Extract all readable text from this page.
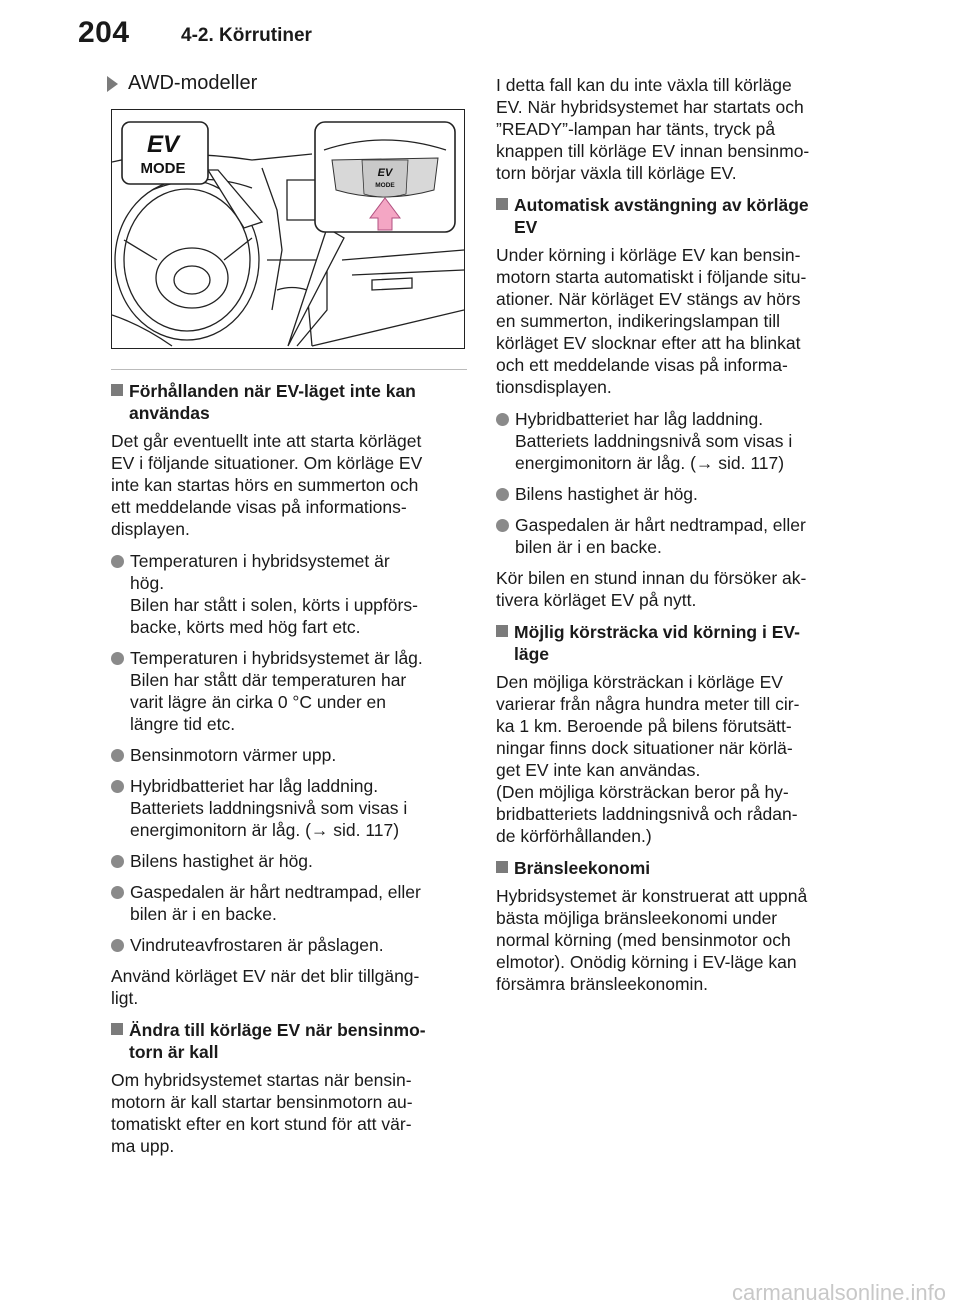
204	4-2. Körrutiner
AWD-modeller
EV
MODE	EV
MODE
Förhållanden när EV-läget inte kan
användas
Det går eventuellt inte att starta körläget
EV i följande situationer. Om körläge EV
inte kan startas hörs en summerton och
ett meddelande visas på informations-
displayen.
Temperaturen i hybridsystemet är
hög.
Bilen har stått i solen, körts i uppförs-
backe, körts med hög fart etc.
Temperaturen i hybridsystemet är låg.
Bilen har stått där temperaturen har
varit lägre än cirka 0 °C under en
längre tid etc.
Bensinmotorn värmer upp.
Hybridbatteriet har låg laddning.
Batteriets laddningsnivå som visas i
energimonitorn är låg. (→ sid. 117)
Bilens hastighet är hög.
Gaspedalen är hårt nedtrampad, eller
bilen är i en backe.
Vindruteavfrostaren är påslagen.
Använd körläget EV när det blir tillgäng-
ligt.
Ändra till körläge EV när bensinmo-
torn är kall
Om hybridsystemet startas när bensin-
motorn är kall startar bensinmotorn au-
tomatiskt efter en kort stund för att vär-
ma upp.
I detta fall kan du inte växla till körläge
EV. När hybridsystemet har startats och
”READY”-lampan har tänts, tryck på
knappen till körläge EV innan bensinmo-
torn börjar växla till körläge EV.
Automatisk avstängning av körläge
EV
Under körning i körläge EV kan bensin-
motorn starta automatiskt i följande situ-
ationer. När körläget EV stängs av hörs
en summerton, indikeringslampan till
körläget EV slocknar efter att ha blinkat
och ett meddelande visas på informa-
tionsdisplayen.
Hybridbatteriet har låg laddning.
Batteriets laddningsnivå som visas i
energimonitorn är låg. (→ sid. 117)
Bilens hastighet är hög.
Gaspedalen är hårt nedtrampad, eller
bilen är i en backe.
Kör bilen en stund innan du försöker ak-
tivera körläget EV på nytt.
Möjlig körsträcka vid körning i EV-
läge
Den möjliga körsträckan i körläge EV
varierar från några hundra meter till cir-
ka 1 km. Beroende på bilens förutsätt-
ningar finns dock situationer när körlä-
get EV inte kan användas.
(Den möjliga körsträckan beror på hy-
bridbatteriets laddningsnivå och rådan-
de körförhållanden.)
Bränsleekonomi
Hybridsystemet är konstruerat att uppnå
bästa möjliga bränsleekonomi under
normal körning (med bensinmotor och
elmotor). Onödig körning i EV-läge kan
försämra bränsleekonomin.
carmanualsonline.info
